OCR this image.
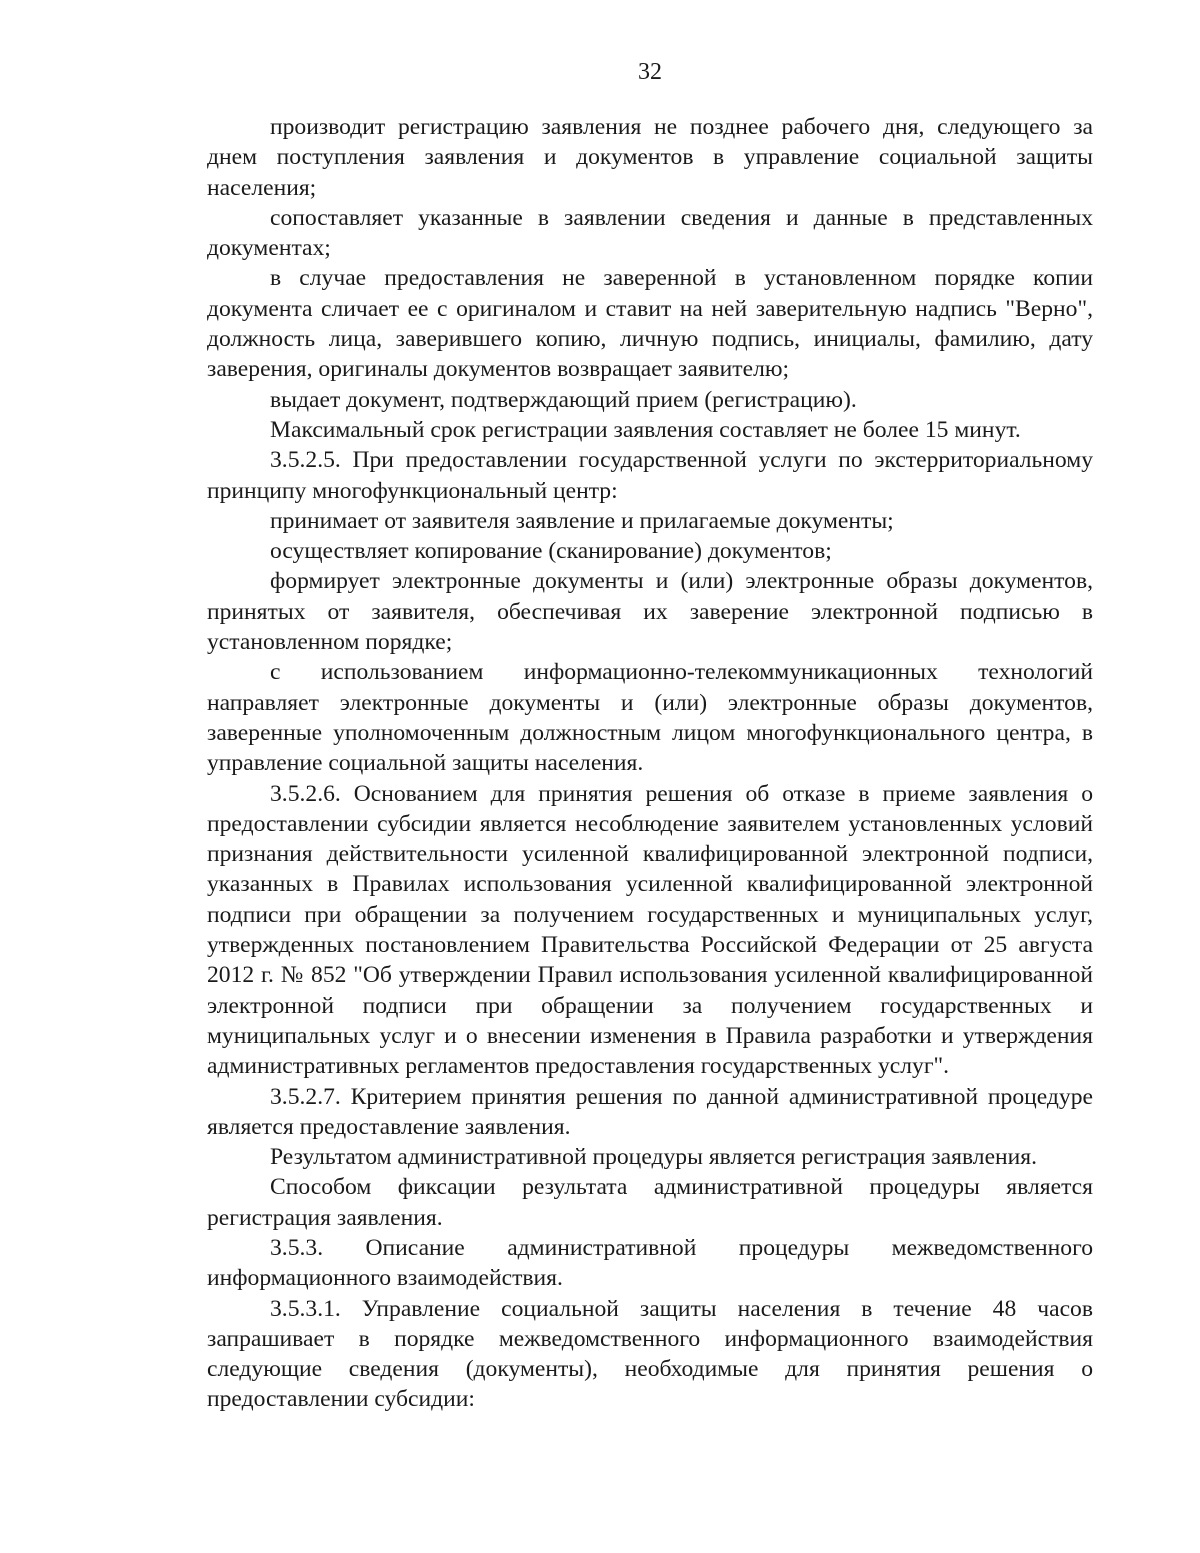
32

производит регистрацию заявления не позднее рабочего дня, следующего за днем поступления заявления и документов в управление социальной защиты населения;

сопоставляет указанные в заявлении сведения и данные в представленных документах;

в случае предоставления не заверенной в установленном порядке копии документа сличает ее с оригиналом и ставит на ней заверительную надпись "Верно", должность лица, заверившего копию, личную подпись, инициалы, фамилию, дату заверения, оригиналы документов возвращает заявителю;

выдает документ, подтверждающий прием (регистрацию).

Максимальный срок регистрации заявления составляет не более 15 минут.

3.5.2.5. При предоставлении государственной услуги по экстерриториальному принципу многофункциональный центр:

принимает от заявителя заявление и прилагаемые документы;

осуществляет копирование (сканирование) документов;

формирует электронные документы и (или) электронные образы документов, принятых от заявителя, обеспечивая их заверение электронной подписью в установленном порядке;

с использованием информационно-телекоммуникационных технологий направляет электронные документы и (или) электронные образы документов, заверенные уполномоченным должностным лицом многофункционального центра, в управление социальной защиты населения.

3.5.2.6. Основанием для принятия решения об отказе в приеме заявления о предоставлении субсидии является несоблюдение заявителем установленных условий признания действительности усиленной квалифицированной электронной подписи, указанных в Правилах использования усиленной квалифицированной электронной подписи при обращении за получением государственных и муниципальных услуг, утвержденных постановлением Правительства Российской Федерации от 25 августа 2012 г. № 852 "Об утверждении Правил использования усиленной квалифицированной электронной подписи при обращении за получением государственных и муниципальных услуг и о внесении изменения в Правила разработки и утверждения административных регламентов предоставления государственных услуг".

3.5.2.7. Критерием принятия решения по данной административной процедуре является предоставление заявления.

Результатом административной процедуры является регистрация заявления.

Способом фиксации результата административной процедуры является регистрация заявления.

3.5.3. Описание административной процедуры межведомственного информационного взаимодействия.

3.5.3.1. Управление социальной защиты населения в течение 48 часов запрашивает в порядке межведомственного информационного взаимодействия следующие сведения (документы), необходимые для принятия решения о предоставлении субсидии:
